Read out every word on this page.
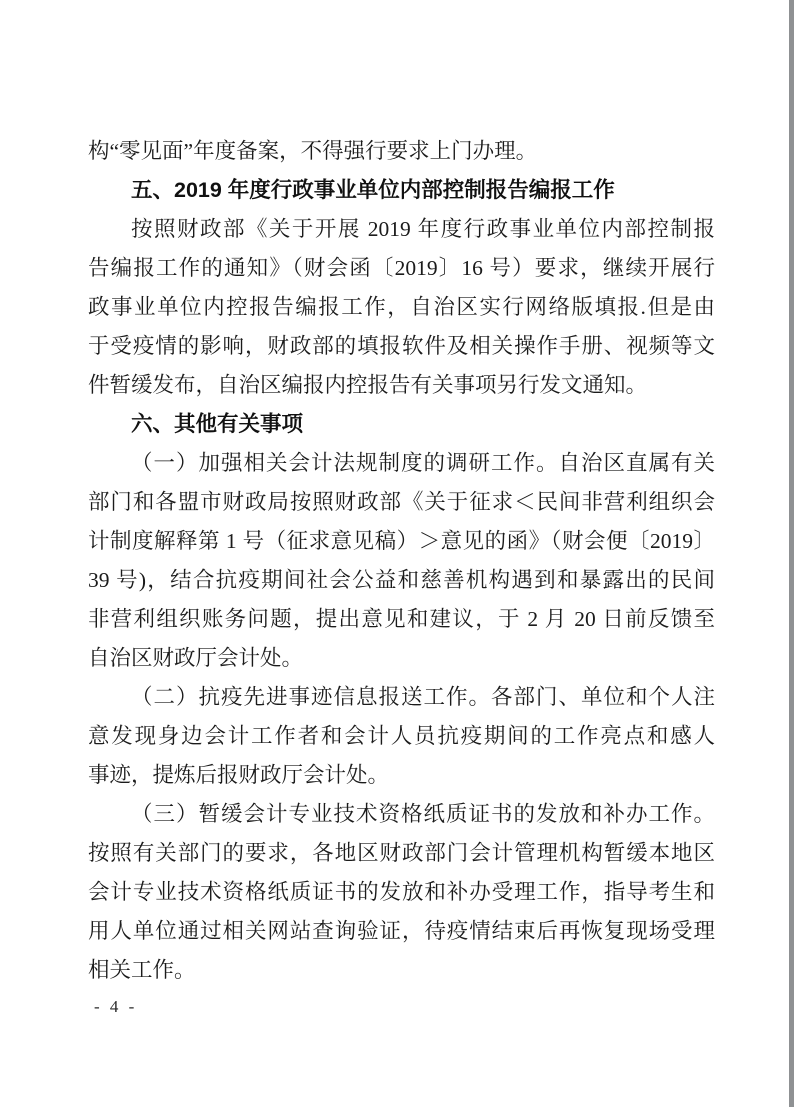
构“零见面”年度备案，不得强行要求上门办理。
五、2019 年度行政事业单位内部控制报告编报工作
按照财政部《关于开展 2019 年度行政事业单位内部控制报
告编报工作的通知》（财会函〔2019〕16 号）要求，继续开展行
政事业单位内控报告编报工作，自治区实行网络版填报.但是由
于受疫情的影响，财政部的填报软件及相关操作手册、视频等文
件暂缓发布，自治区编报内控报告有关事项另行发文通知。
六、其他有关事项
（一）加强相关会计法规制度的调研工作。自治区直属有关
部门和各盟市财政局按照财政部《关于征求＜民间非营利组织会
计制度解释第 1 号（征求意见稿）＞意见的函》（财会便〔2019〕
39 号)，结合抗疫期间社会公益和慈善机构遇到和暴露出的民间
非营利组织账务问题，提出意见和建议，于 2 月 20 日前反馈至
自治区财政厅会计处。
（二）抗疫先进事迹信息报送工作。各部门、单位和个人注
意发现身边会计工作者和会计人员抗疫期间的工作亮点和感人
事迹，提炼后报财政厅会计处。
（三）暂缓会计专业技术资格纸质证书的发放和补办工作。
按照有关部门的要求，各地区财政部门会计管理机构暂缓本地区
会计专业技术资格纸质证书的发放和补办受理工作，指导考生和
用人单位通过相关网站查询验证，待疫情结束后再恢复现场受理
相关工作。
- 4 -
